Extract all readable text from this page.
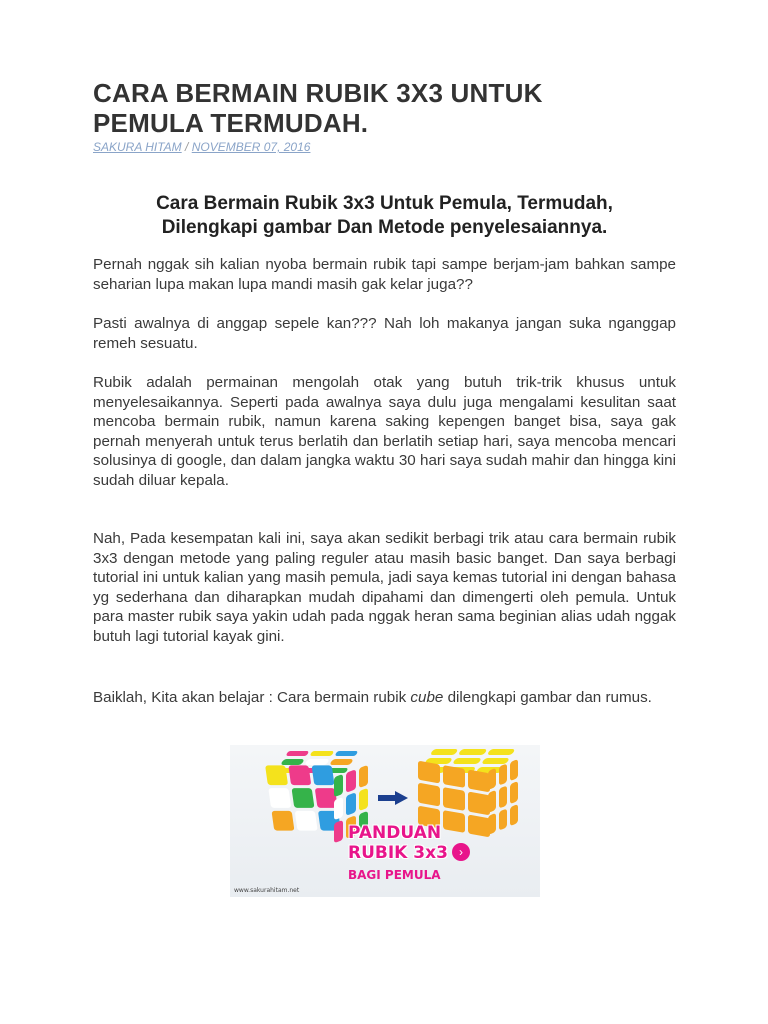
CARA BERMAIN RUBIK 3X3 UNTUK
PEMULA TERMUDAH.
SAKURA HITAM / NOVEMBER 07, 2016
Cara Bermain Rubik 3x3 Untuk Pemula, Termudah,
Dilengkapi gambar Dan Metode penyelesaiannya.

Pernah nggak sih kalian nyoba bermain rubik tapi sampe berjam-jam bahkan sampe seharian lupa makan lupa mandi masih gak kelar juga??

Pasti awalnya di anggap sepele kan??? Nah loh makanya jangan suka nganggap remeh sesuatu.

Rubik adalah permainan mengolah otak yang butuh trik-trik khusus untuk menyelesaikannya. Seperti pada awalnya saya dulu juga mengalami kesulitan saat mencoba bermain rubik, namun karena saking kepengen banget bisa, saya gak pernah menyerah untuk terus berlatih dan berlatih setiap hari, saya mencoba mencari solusinya di google, dan dalam jangka waktu 30 hari saya sudah mahir dan hingga kini sudah diluar kepala.

Nah, Pada kesempatan kali ini, saya akan sedikit berbagi trik atau cara bermain rubik 3x3 dengan metode yang paling reguler atau masih basic banget. Dan saya berbagi tutorial ini untuk kalian yang masih pemula, jadi saya kemas tutorial ini dengan bahasa yg sederhana dan diharapkan mudah dipahami dan dimengerti oleh pemula. Untuk para master rubik saya yakin udah pada nggak heran sama beginian alias udah nggak butuh lagi tutorial kayak gini.

Baiklah, Kita akan belajar : Cara bermain rubik cube dilengkapi gambar dan rumus.

PANDUAN
RUBIK 3x3
BAGI PEMULA
›
www.sakurahitam.net
